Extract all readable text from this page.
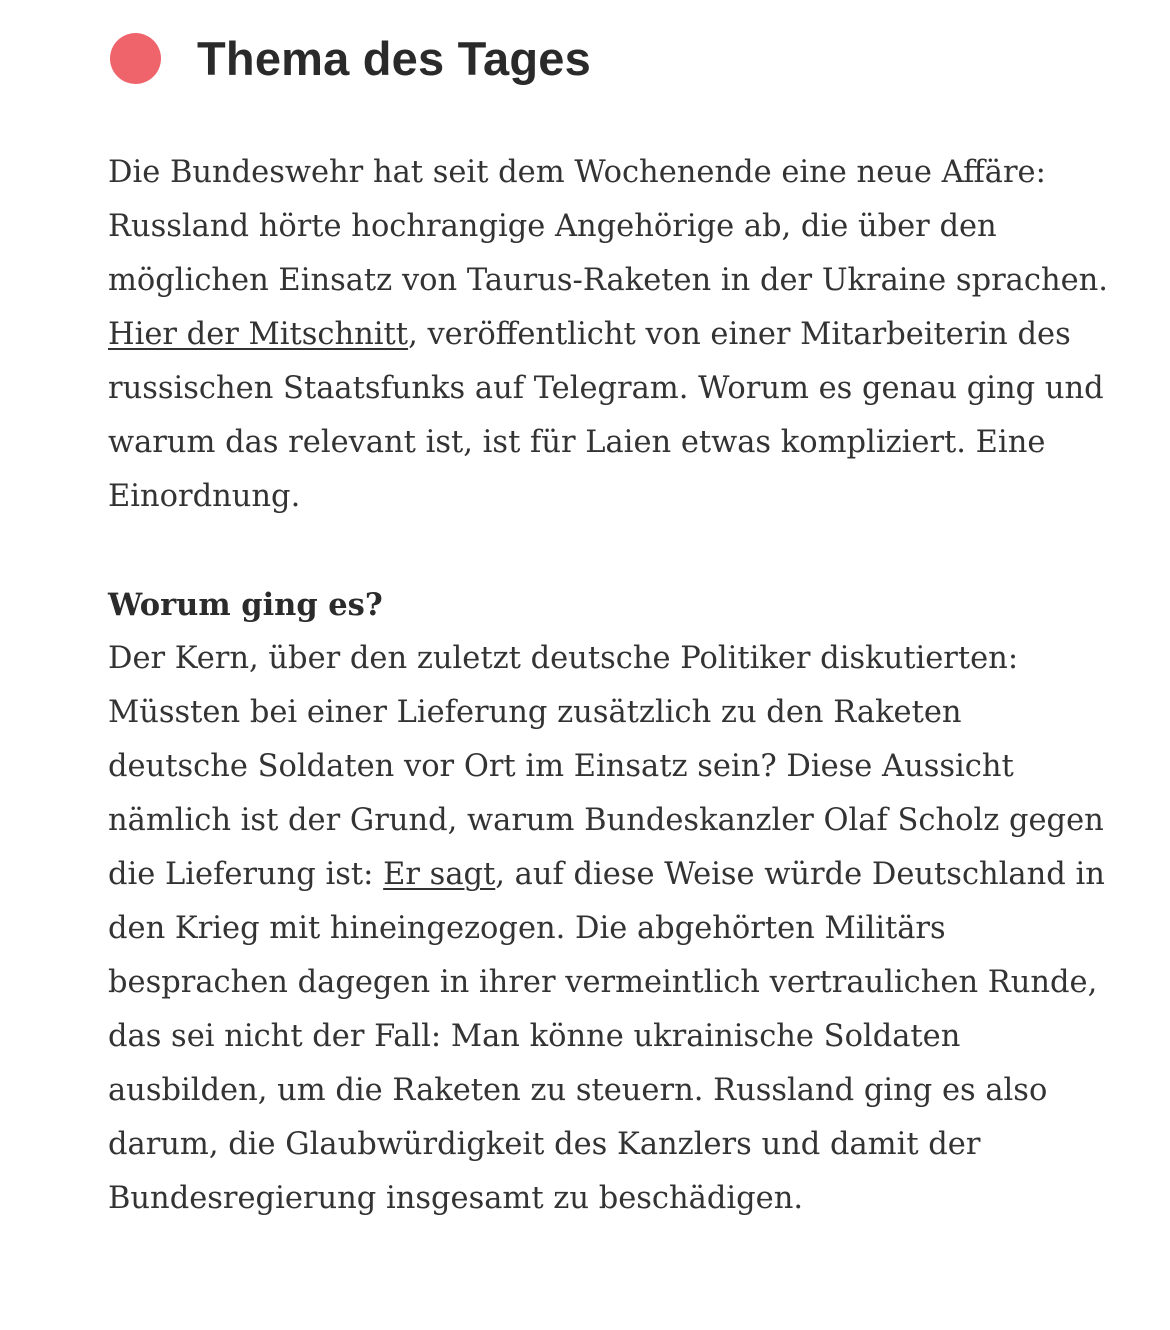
Thema des Tages

Die Bundeswehr hat seit dem Wochenende eine neue Affäre: Russland hörte hochrangige Angehörige ab, die über den möglichen Einsatz von Taurus-Raketen in der Ukraine sprachen. Hier der Mitschnitt, veröffentlicht von einer Mitarbeiterin des russischen Staatsfunks auf Telegram. Worum es genau ging und warum das relevant ist, ist für Laien etwas kompliziert. Eine Einordnung.

Worum ging es?

Der Kern, über den zuletzt deutsche Politiker diskutierten: Müssten bei einer Lieferung zusätzlich zu den Raketen deutsche Soldaten vor Ort im Einsatz sein? Diese Aussicht nämlich ist der Grund, warum Bundeskanzler Olaf Scholz gegen die Lieferung ist: Er sagt, auf diese Weise würde Deutschland in den Krieg mit hineingezogen. Die abgehörten Militärs besprachen dagegen in ihrer vermeintlich vertraulichen Runde, das sei nicht der Fall: Man könne ukrainische Soldaten ausbilden, um die Raketen zu steuern. Russland ging es also darum, die Glaubwürdigkeit des Kanzlers und damit der Bundesregierung insgesamt zu beschädigen.
